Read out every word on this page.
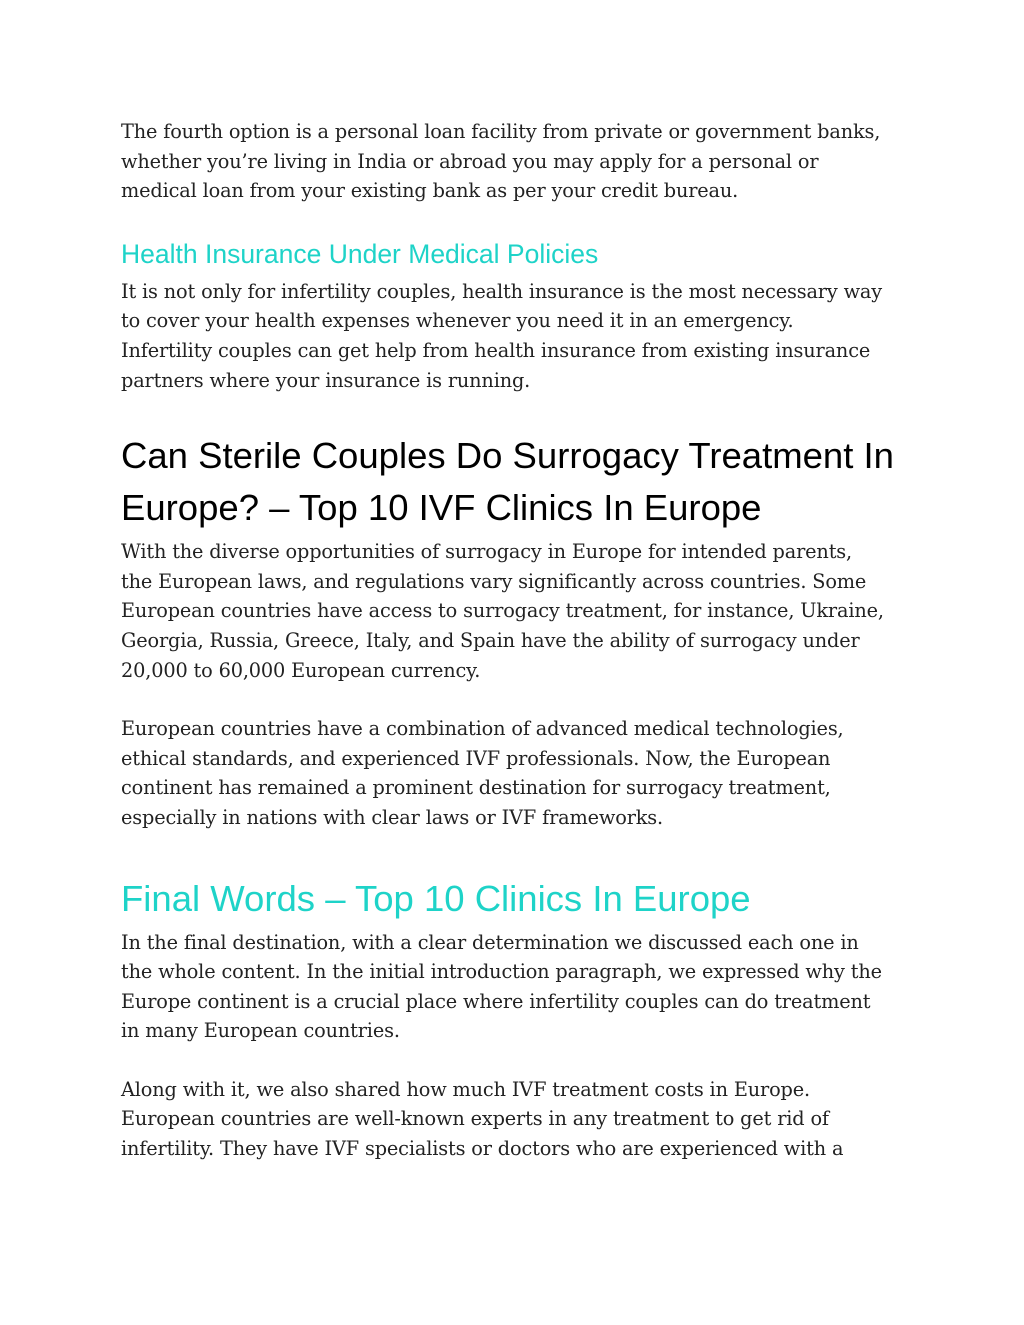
The fourth option is a personal loan facility from private or government banks,
whether you’re living in India or abroad you may apply for a personal or
medical loan from your existing bank as per your credit bureau.

Health Insurance Under Medical Policies

It is not only for infertility couples, health insurance is the most necessary way
to cover your health expenses whenever you need it in an emergency.
Infertility couples can get help from health insurance from existing insurance
partners where your insurance is running.

Can Sterile Couples Do Surrogacy Treatment In
Europe? – Top 10 IVF Clinics In Europe

With the diverse opportunities of surrogacy in Europe for intended parents,
the European laws, and regulations vary significantly across countries. Some
European countries have access to surrogacy treatment, for instance, Ukraine,
Georgia, Russia, Greece, Italy, and Spain have the ability of surrogacy under
20,000 to 60,000 European currency.

European countries have a combination of advanced medical technologies,
ethical standards, and experienced IVF professionals. Now, the European
continent has remained a prominent destination for surrogacy treatment,
especially in nations with clear laws or IVF frameworks.

Final Words – Top 10 Clinics In Europe

In the final destination, with a clear determination we discussed each one in
the whole content. In the initial introduction paragraph, we expressed why the
Europe continent is a crucial place where infertility couples can do treatment
in many European countries.

Along with it, we also shared how much IVF treatment costs in Europe.
European countries are well-known experts in any treatment to get rid of
infertility. They have IVF specialists or doctors who are experienced with a
